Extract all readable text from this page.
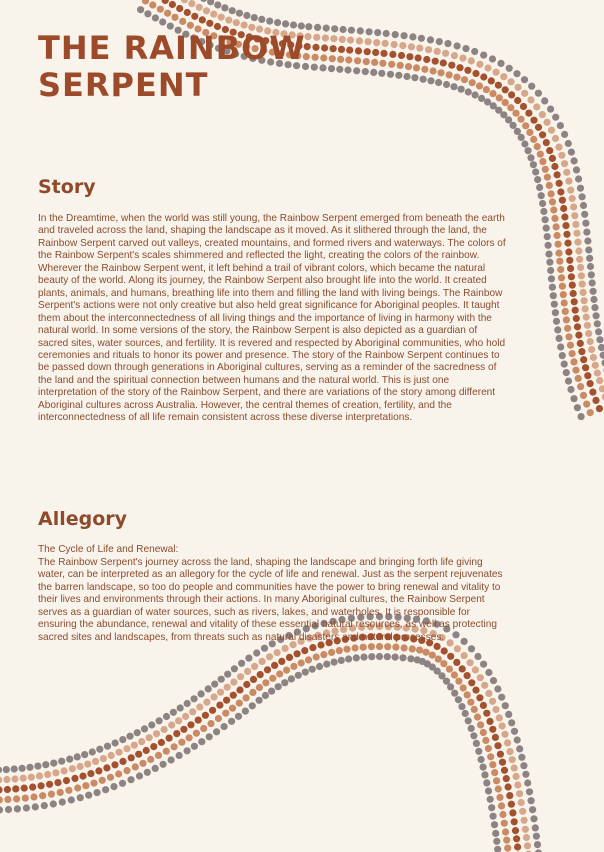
THE RAINBOW
SERPENT
Story

In the Dreamtime, when the world was still young, the Rainbow Serpent emerged from beneath the earth and traveled across the land, shaping the landscape as it moved. As it slithered through the land, the Rainbow Serpent carved out valleys, created mountains, and formed rivers and waterways. The colors of the Rainbow Serpent's scales shimmered and reflected the light, creating the colors of the rainbow. Wherever the Rainbow Serpent went, it left behind a trail of vibrant colors, which became the natural beauty of the world. Along its journey, the Rainbow Serpent also brought life into the world. It created plants, animals, and humans, breathing life into them and filling the land with living beings. The Rainbow Serpent's actions were not only creative but also held great significance for Aboriginal peoples. It taught them about the interconnectedness of all living things and the importance of living in harmony with the natural world. In some versions of the story, the Rainbow Serpent is also depicted as a guardian of sacred sites, water sources, and fertility. It is revered and respected by Aboriginal communities, who hold ceremonies and rituals to honor its power and presence. The story of the Rainbow Serpent continues to be passed down through generations in Aboriginal cultures, serving as a reminder of the sacredness of the land and the spiritual connection between humans and the natural world. This is just one interpretation of the story of the Rainbow Serpent, and there are variations of the story among different Aboriginal cultures across Australia. However, the central themes of creation, fertility, and the interconnectedness of all life remain consistent across these diverse interpretations.

Allegory

The Cycle of Life and Renewal:

The Rainbow Serpent's journey across the land, shaping the landscape and bringing forth life giving water, can be interpreted as an allegory for the cycle of life and renewal. Just as the serpent rejuvenates the barren landscape, so too do people and communities have the power to bring renewal and vitality to their lives and environments through their actions. In many Aboriginal cultures, the Rainbow Serpent serves as a guardian of water sources, such as rivers, lakes, and waterholes. It is responsible for ensuring the abundance, renewal and vitality of these essential natural resources, as well as protecting sacred sites and landscapes, from threats such as natural disasters and natural processes.
